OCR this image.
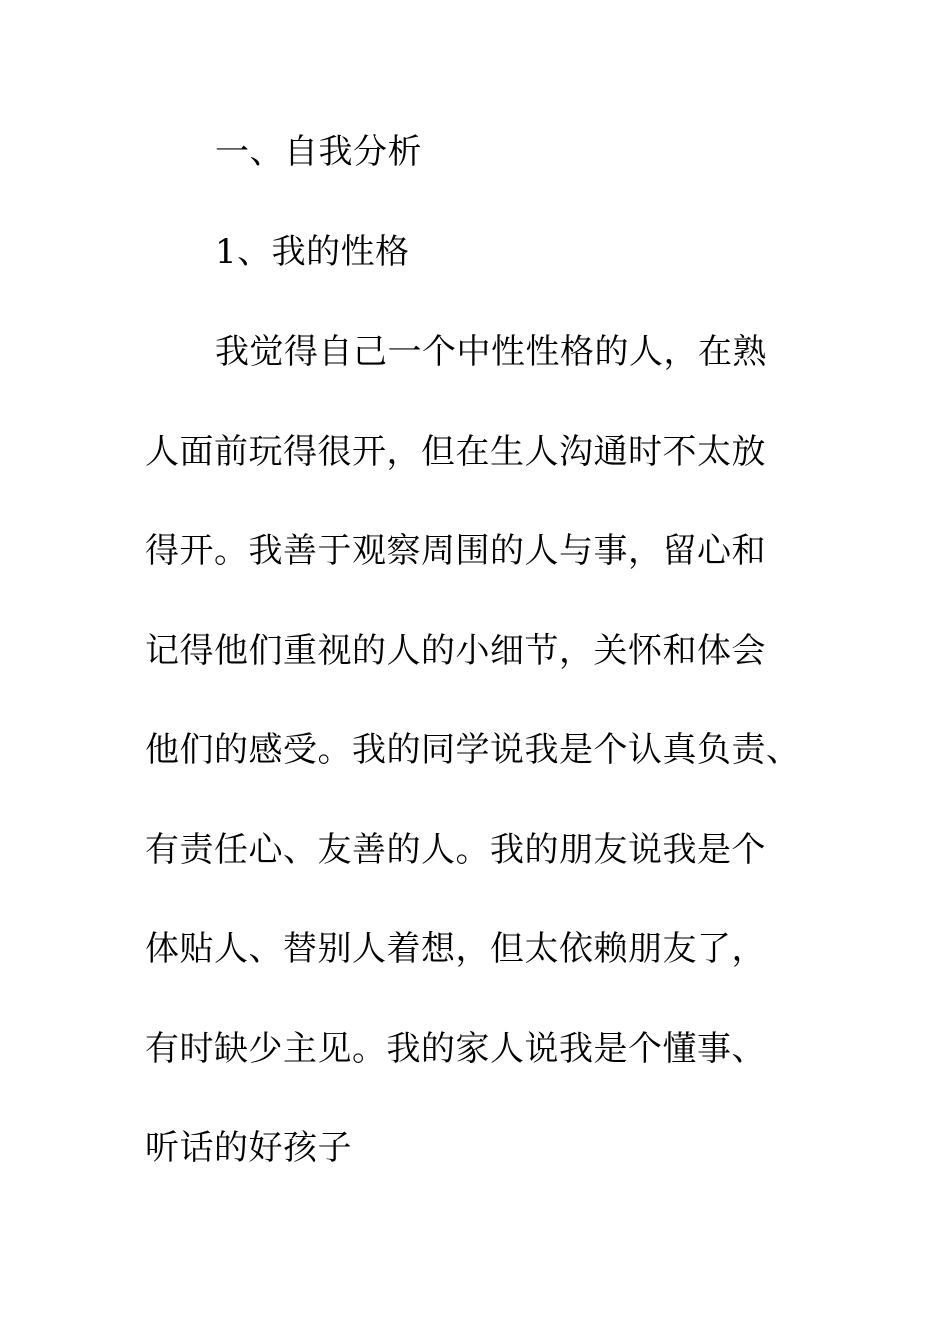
一、自我分析
1、我的性格

我觉得自己一个中性性格的人，在熟

人面前玩得很开，但在生人沟通时不太放

得开。我善于观察周围的人与事，留心和

记得他们重视的人的小细节，关怀和体会

他们的感受。我的同学说我是个认真负责、

有责任心、友善的人。我的朋友说我是个

体贴人、替别人着想，但太依赖朋友了，

有时缺少主见。我的家人说我是个懂事、

听话的好孩子
